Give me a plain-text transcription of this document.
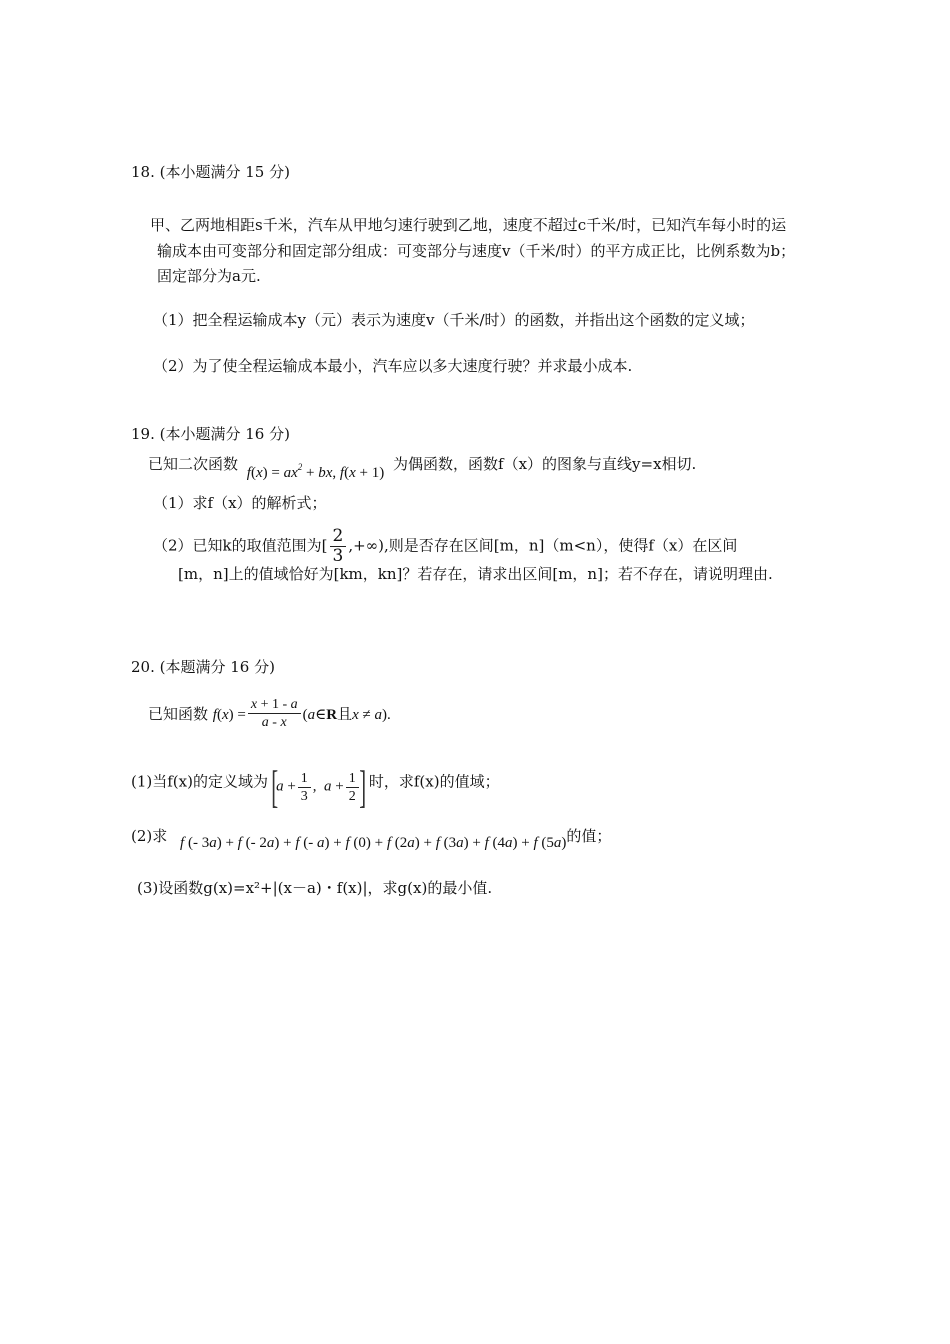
18. (本小题满分 15 分)
甲、乙两地相距s千米，汽车从甲地匀速行驶到乙地，速度不超过c千米/时，已知汽车每小时的运
输成本由可变部分和固定部分组成：可变部分与速度v（千米/时）的平方成正比，比例系数为b；
固定部分为a元.
（1）把全程运输成本y（元）表示为速度v（千米/时）的函数，并指出这个函数的定义域；
（2）为了使全程运输成本最小，汽车应以多大速度行驶？并求最小成本.
19. (本小题满分 16 分)
已知二次函数 $f(x) = ax^2$ + bx, f(x + 1) 为偶函数，函数f（x）的图象与直线y=x相切.
（1）求f（x）的解析式；
（2）已知k的取值范围为[ $\frac{2}{3}$ ,+∞),则是否存在区间[m，n]（m<n），使得f（x）在区间
[m，n]上的值域恰好为[km，kn]？若存在，请求出区间[m，n]；若不存在，请说明理由.
20. (本题满分 16 分)
已知函数 $f(x) = \frac{x + 1 - a}{a - x}$ (a∈R且x ≠ a).
(1)当f(x)的定义域为 [$a + \frac{1}{3}$ ,  $a + \frac{1}{2}$ ] 时，求f(x)的值域；
(2)求 f (- 3a) + f (- 2a) + f (- a) + f (0) + f (2a) + f (3a) + f (4a) + f (5a)的值；
(3)设函数g(x)=x²+|(x－a)・f(x)|，求g(x)的最小值.
